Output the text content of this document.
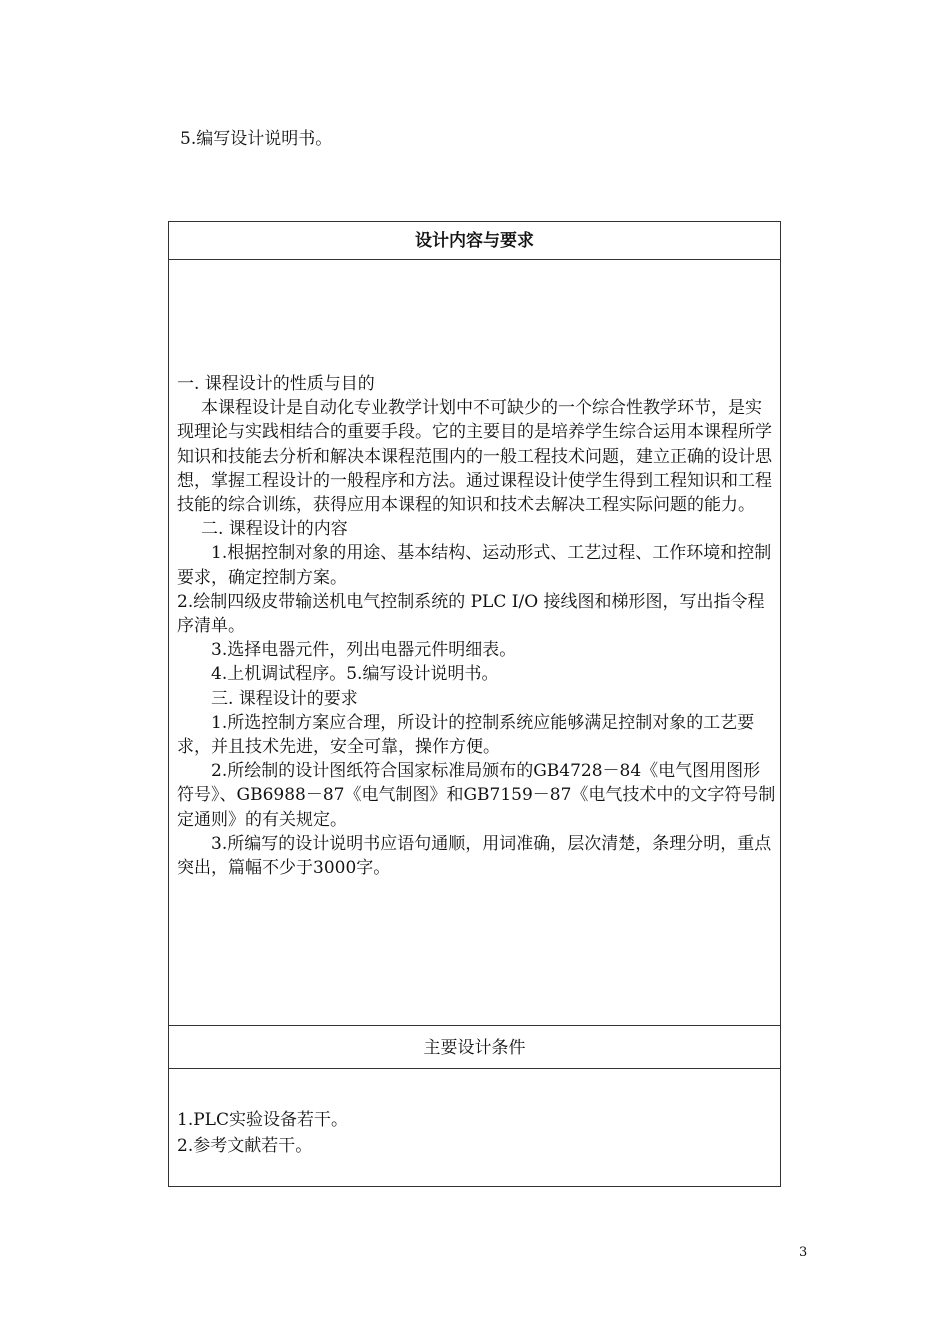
5.编写设计说明书。
设计内容与要求

一. 课程设计的性质与目的

本课程设计是自动化专业教学计划中不可缺少的一个综合性教学环节，是实现理论与实践相结合的重要手段。它的主要目的是培养学生综合运用本课程所学知识和技能去分析和解决本课程范围内的一般工程技术问题，建立正确的设计思想，掌握工程设计的一般程序和方法。通过课程设计使学生得到工程知识和工程技能的综合训练，获得应用本课程的知识和技术去解决工程实际问题的能力。

二. 课程设计的内容

1.根据控制对象的用途、基本结构、运动形式、工艺过程、工作环境和控制要求，确定控制方案。

2.绘制四级皮带输送机电气控制系统的 PLC I/O 接线图和梯形图，写出指令程序清单。

3.选择电器元件，列出电器元件明细表。

4.上机调试程序。5.编写设计说明书。

三. 课程设计的要求

1.所选控制方案应合理，所设计的控制系统应能够满足控制对象的工艺要求，并且技术先进，安全可靠，操作方便。

2.所绘制的设计图纸符合国家标准局颁布的GB4728－84《电气图用图形符号》、GB6988－87《电气制图》和GB7159－87《电气技术中的文字符号制定通则》的有关规定。

3.所编写的设计说明书应语句通顺，用词准确，层次清楚，条理分明，重点突出，篇幅不少于3000字。

主要设计条件

1.PLC实验设备若干。

2.参考文献若干。

3
